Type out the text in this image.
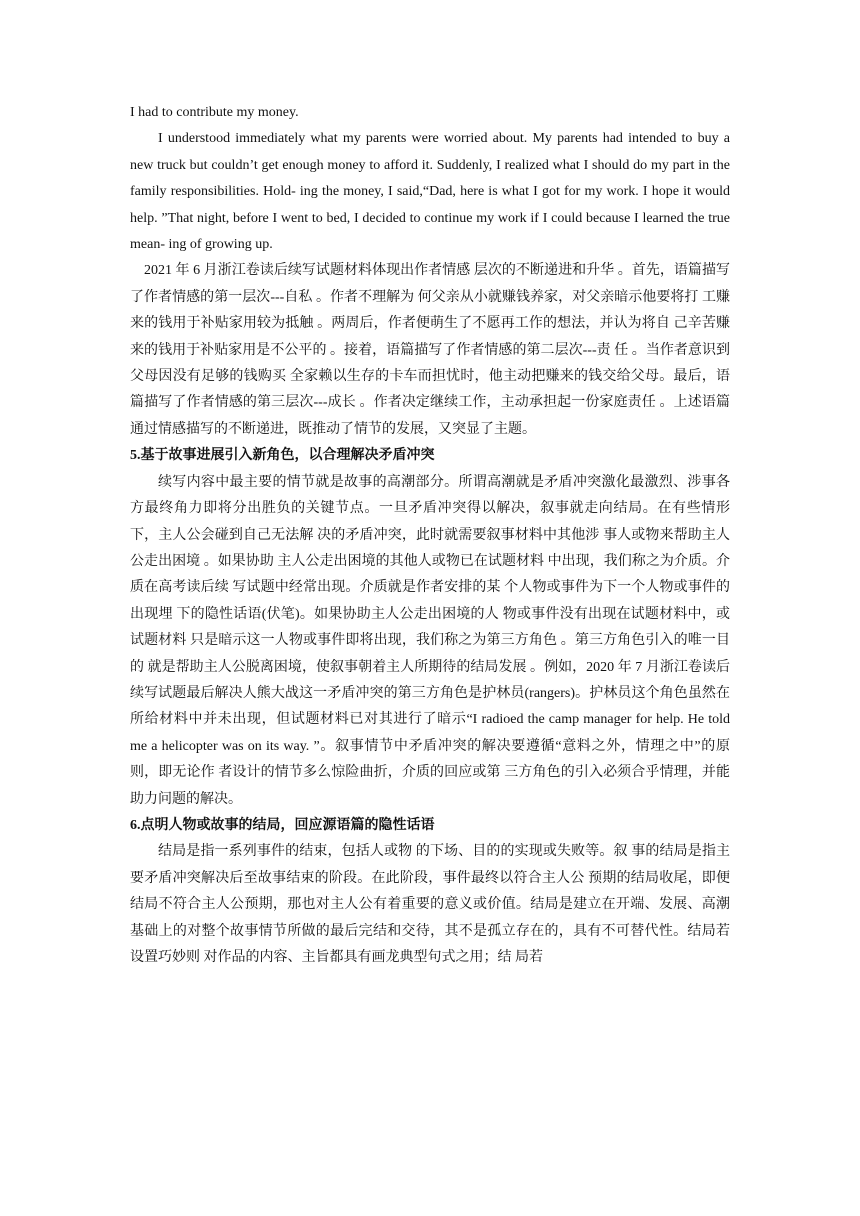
I had to contribute my money.

I understood immediately what my parents were worried about. My parents had intended to buy a new truck but couldn’t get enough money to afford it. Suddenly, I realized what I should do my part in the family responsibilities. Hold- ing the money, I said,“Dad, here is what I got for my work. I hope it would help. ”That night, before I went to bed, I decided to continue my work if I could because I learned the true mean- ing of growing up.

2021 年 6 月浙江卷读后续写试题材料体现出作者情感 层次的不断递进和升华 。首先，语篇描写了作者情感的第一层次---自私 。作者不理解为 何父亲从小就赚钱养家，对父亲暗示他要将打 工赚来的钱用于补贴家用较为抵触 。两周后，作者便萌生了不愿再工作的想法，并认为将自 己辛苦赚来的钱用于补贴家用是不公平的 。接着，语篇描写了作者情感的第二层次---责 任 。当作者意识到父母因没有足够的钱购买 全家赖以生存的卡车而担忧时，他主动把赚来的钱交给父母。最后，语篇描写了作者情感的第三层次---成长 。作者决定继续工作，主动承担起一份家庭责任 。上述语篇通过情感描写的不断递进，既推动了情节的发展，又突显了主题。

5.基于故事进展引入新角色，以合理解决矛盾冲突

续写内容中最主要的情节就是故事的高潮部分。所谓高潮就是矛盾冲突激化最激烈、涉事各方最终角力即将分出胜负的关键节点。一旦矛盾冲突得以解决，叙事就走向结局。在有些情形下，主人公会碰到自己无法解 决的矛盾冲突，此时就需要叙事材料中其他涉 事人或物来帮助主人公走出困境 。如果协助 主人公走出困境的其他人或物已在试题材料 中出现，我们称之为介质。介质在高考读后续 写试题中经常出现。介质就是作者安排的某 个人物或事件为下一个人物或事件的出现埋 下的隐性话语(伏笔)。如果协助主人公走出困境的人 物或事件没有出现在试题材料中，或试题材料 只是暗示这一人物或事件即将出现，我们称之为第三方角色 。第三方角色引入的唯一目的 就是帮助主人公脱离困境，使叙事朝着主人所期待的结局发展 。例如，2020 年 7 月浙江卷读后续写试题最后解决人熊大战这一矛盾冲突的第三方角色是护林员(rangers)。护林员这个角色虽然在所给材料中并未出现，但试题材料已对其进行了暗示“I radioed the camp manager for help. He told me a helicopter was on its way. ”。叙事情节中矛盾冲突的解决要遵循“意料之外，情理之中”的原则，即无论作 者设计的情节多么惊险曲折，介质的回应或第 三方角色的引入必须合乎情理，并能助力问题的解决。

6.点明人物或故事的结局，回应源语篇的隐性话语

结局是指一系列事件的结束，包括人或物 的下场、目的的实现或失败等。叙 事的结局是指主要矛盾冲突解决后至故事结束的阶段。在此阶段，事件最终以符合主人公 预期的结局收尾，即便结局不符合主人公预期，那也对主人公有着重要的意义或价值。结局是建立在开端、发展、高潮基础上的对整个故事情节所做的最后完结和交待，其不是孤立存在的，具有不可替代性。结局若设置巧妙则 对作品的内容、主旨都具有画龙典型句式之用；结 局若
